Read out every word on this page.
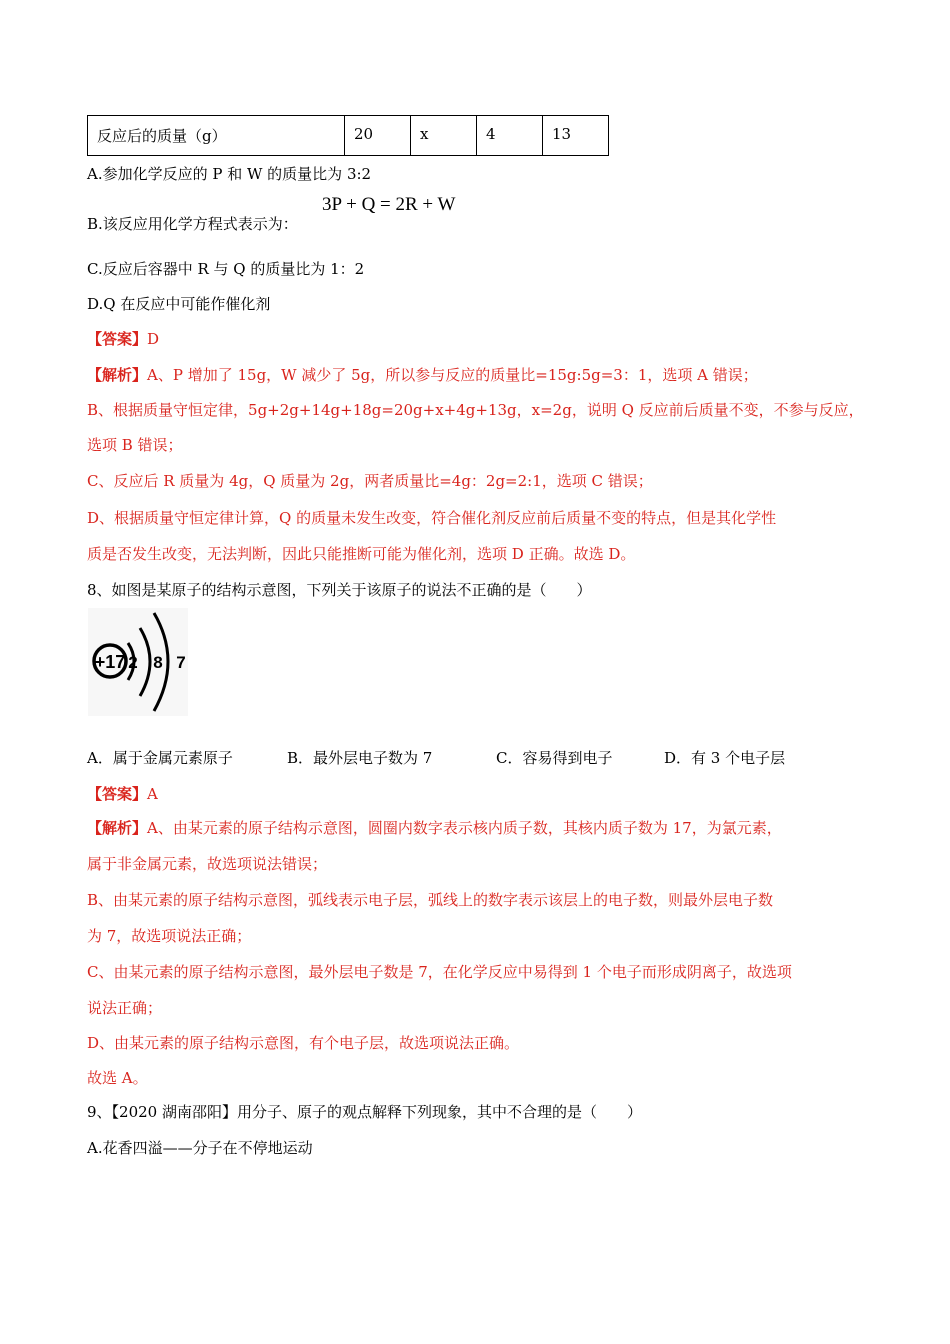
反应后的质量（g）	20	x	4	13
A.参加化学反应的 P 和 W 的质量比为 3:2
B.该反应用化学方程式表示为：
3P + Q = 2R + W
C.反应后容器中 R 与 Q 的质量比为 1：2
D.Q 在反应中可能作催化剂
【答案】D
【解析】A、P 增加了 15g，W 减少了 5g，所以参与反应的质量比=15g:5g=3：1，选项 A 错误；
B、根据质量守恒定律，5g+2g+14g+18g=20g+x+4g+13g，x=2g，说明 Q 反应前后质量不变，不参与反应，
选项 B 错误；
C、反应后 R 质量为 4g，Q 质量为 2g，两者质量比=4g：2g=2:1，选项 C 错误；
D、根据质量守恒定律计算，Q 的质量未发生改变，符合催化剂反应前后质量不变的特点，但是其化学性
质是否发生改变，无法判断，因此只能推断可能为催化剂，选项 D 正确。故选 D。
8、如图是某原子的结构示意图，下列关于该原子的说法不正确的是（　　）
+17 2 8 7
A．属于金属元素原子	B．最外层电子数为 7	C．容易得到电子	D．有 3 个电子层
【答案】A
【解析】A、由某元素的原子结构示意图，圆圈内数字表示核内质子数，其核内质子数为 17，为氯元素，
属于非金属元素，故选项说法错误；
B、由某元素的原子结构示意图，弧线表示电子层，弧线上的数字表示该层上的电子数，则最外层电子数
为 7，故选项说法正确；
C、由某元素的原子结构示意图，最外层电子数是 7，在化学反应中易得到 1 个电子而形成阴离子，故选项
说法正确；
D、由某元素的原子结构示意图，有个电子层，故选项说法正确。
故选 A。
9、【2020 湖南邵阳】用分子、原子的观点解释下列现象，其中不合理的是（　　）
A.花香四溢——分子在不停地运动
